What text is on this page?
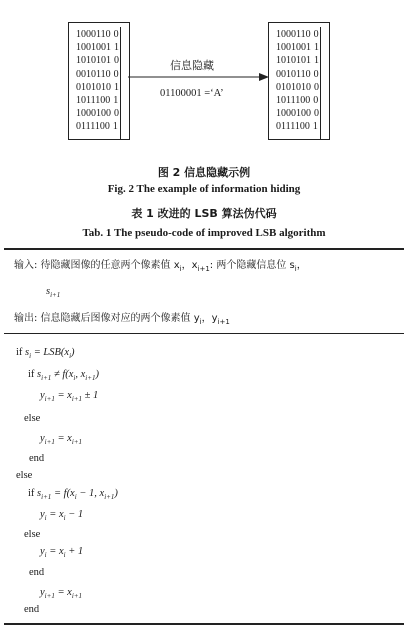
1000110 0
1001001 1
1010101 0
0010110 0
0101010 1
1011100 1
1000100 0
0111100 1
1000110 0
1001001 1
1010101 1
0010110 0
0101010 0
1011100 0
1000100 0
0111100 1
信息隐藏
01100001 =‘A’
图 2 信息隐藏示例
Fig. 2 The example of information hiding
表 1 改进的 LSB 算法伪代码
Tab. 1 The pseudo-code of improved LSB algorithm
输入: 待隐藏图像的任意两个像素值 $x_i$，$x_{i+1}$: 两个隐藏信息位 $s_i$，
$s_{i+1}$
输出: 信息隐藏后图像对应的两个像素值 $y_i$，$y_{i+1}$
if $s_i = LSB(x_i)$
if $s_{i+1} \ne f(x_i$, $x_{i+1}$)
$y_{i+1} = x_{i+1} \pm 1$
else
$y_{i+1} = x_{i+1}$
end
else
if $s_{i+1} = f(x_i - 1$, $x_{i+1}$)
$y_i = x_i - 1$
else
$y_i = x_i + 1$
end
$y_{i+1} = x_{i+1}$
end
